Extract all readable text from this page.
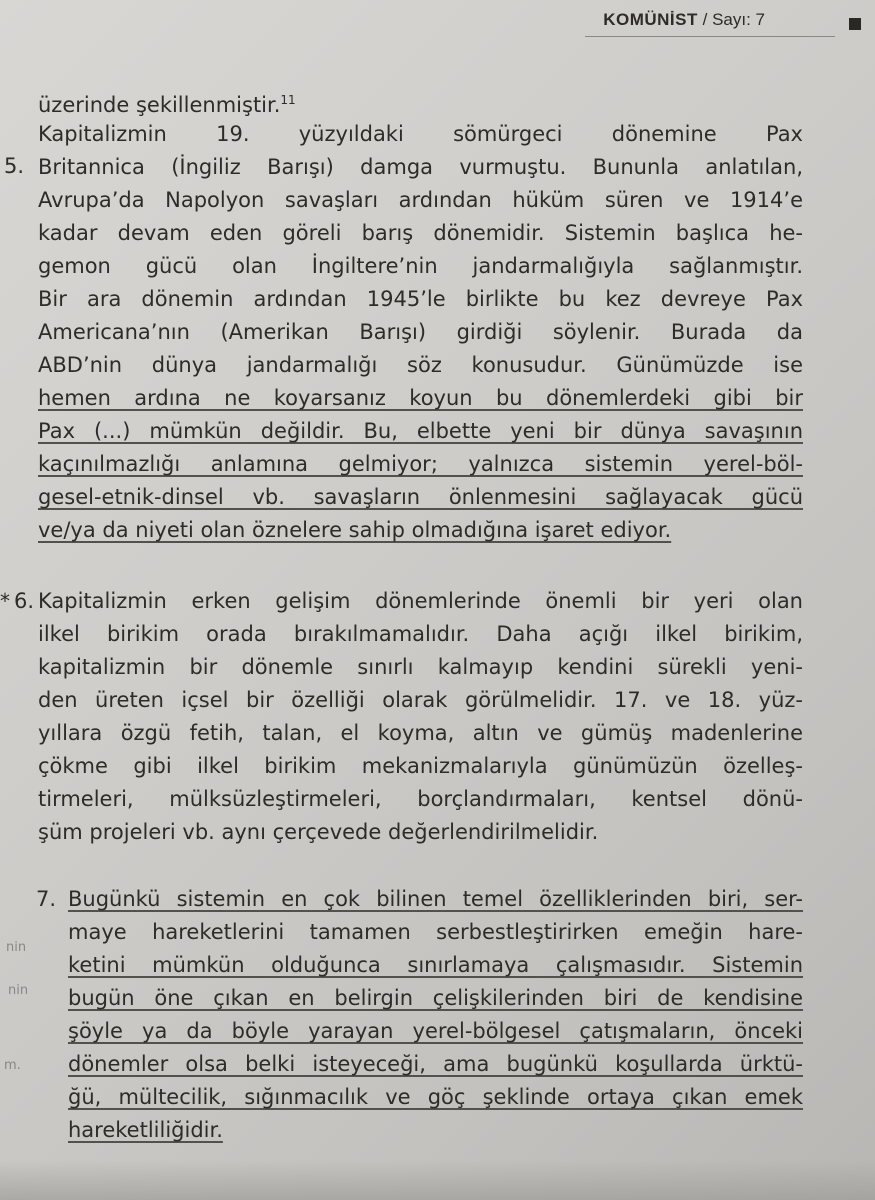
KOMÜNİST / Sayı: 7
üzerinde şekillenmiştir.$^{11}$
5.
Kapitalizmin 19. yüzyıldaki sömürgeci dönemine Pax
Britannica (İngiliz Barışı) damga vurmuştu. Bununla anlatılan,
Avrupa’da Napolyon savaşları ardından hüküm süren ve 1914’e
kadar devam eden göreli barış dönemidir. Sistemin başlıca he-
gemon gücü olan İngiltere’nin jandarmalığıyla sağlanmıştır.
Bir ara dönemin ardından 1945’le birlikte bu kez devreye Pax
Americana’nın (Amerikan Barışı) girdiği söylenir. Burada da
ABD’nin dünya jandarmalığı söz konusudur. Günümüzde ise
hemen ardına ne koyarsanız koyun bu dönemlerdeki gibi bir
Pax (...) mümkün değildir. Bu, elbette yeni bir dünya savaşının
kaçınılmazlığı anlamına gelmiyor; yalnızca sistemin yerel-böl-
gesel-etnik-dinsel vb. savaşların önlenmesini sağlayacak gücü
ve/ya da niyeti olan öznelere sahip olmadığına işaret ediyor.
* 6. Kapitalizmin erken gelişim dönemlerinde önemli bir yeri olan
ilkel birikim orada bırakılmamalıdır. Daha açığı ilkel birikim,
kapitalizmin bir dönemle sınırlı kalmayıp kendini sürekli yeni-
den üreten içsel bir özelliği olarak görülmelidir. 17. ve 18. yüz-
yıllara özgü fetih, talan, el koyma, altın ve gümüş madenlerine
çökme gibi ilkel birikim mekanizmalarıyla günümüzün özelleş-
tirmeleri, mülksüzleştirmeleri, borçlandırmaları, kentsel dönü-
şüm projeleri vb. aynı çerçevede değerlendirilmelidir.
7. Bugünkü sistemin en çok bilinen temel özelliklerinden biri, ser-
maye hareketlerini tamamen serbestleştirirken emeğin hare-
ketini mümkün olduğunca sınırlamaya çalışmasıdır. Sistemin
bugün öne çıkan en belirgin çelişkilerinden biri de kendisine
şöyle ya da böyle yarayan yerel-bölgesel çatışmaların, önceki
dönemler olsa belki isteyeceği, ama bugünkü koşullarda ürktü-
ğü, mültecilik, sığınmacılık ve göç şeklinde ortaya çıkan emek
hareketliliğidir.
nin
nin
m.
